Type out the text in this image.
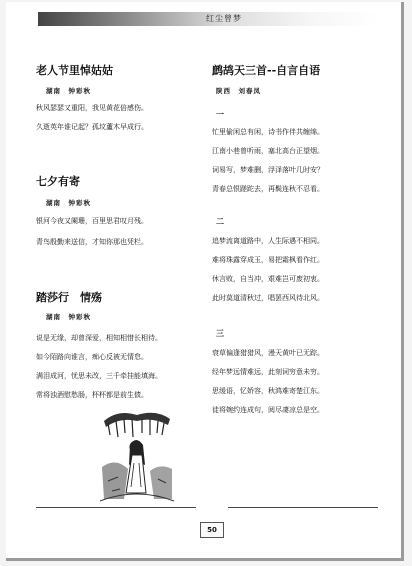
红尘曾梦
老人节里悼姑姑
湖南　钟彩秋
秋风瑟瑟又重阳，我见黄花倍感伤。
久逝英年谁记起？孤坟蘆木早成行。
七夕有寄
湖南　钟彩秋
银河今夜又阑珊，百里思君叹月残。
青鸟殷勤来送信，才知你那也凭栏。
踏莎行　情殇
湖南　钟彩秋
说是无缘，却曾深爱，相知相惜长相待。
如今陌路向谁言，痴心反被无情怠。
满泪成河，忧思未改，三千牵挂能填海。
常将浊酒慰愁肠，杯杯都是前生债。
鹧鸪天三首--自言自语
陕西　刘春凤
一
忙里偷闲总有闲，诗书作伴共缠绵。
江南小巷曾听雨，塞北高台正望烟。
词易写，梦难删，浮泽落叶几时安？
青春总恨蹉跎去，再鬓连秋不忍看。
二
追梦流离道路中，人生际遇不相同。
难将珠露穿成玉，易把霜枫看作红。
休言败，自当冲，艰难岂可废初衷。
此时莫道清秋过，唱罢西风待北风。
三
衰草偏逢猎猎风，漫天黄叶已无踪。
经年梦远情难远，此刻词穷意未穷。
思缓语，忆娇容，秋鸿难寄楚江东。
徒将婉约连成句，阅尽凄凉总是空。
50
